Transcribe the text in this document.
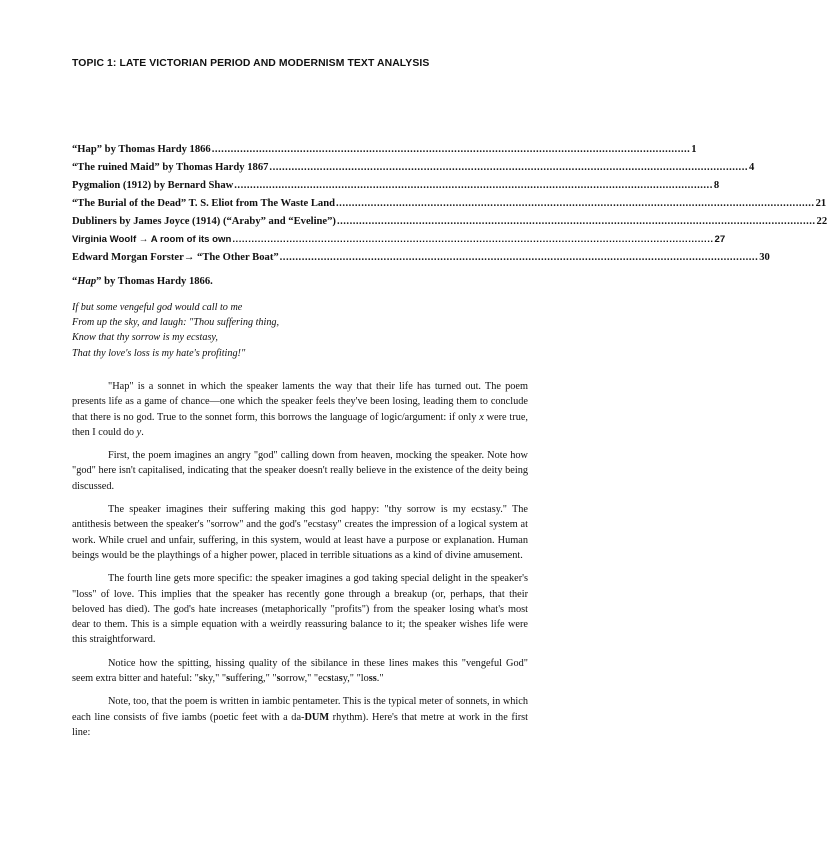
TOPIC 1: LATE VICTORIAN PERIOD AND MODERNISM TEXT ANALYSIS
“Hap” by Thomas Hardy 1866 ........................................................................................................................................................ 1
“The ruined Maid” by Thomas Hardy 1867 ........................................................................................................................................................ 4
Pygmalion (1912) by Bernard Shaw ........................................................................................................................................................ 8
“The Burial of the Dead” T. S. Eliot from The Waste Land ........................................................................................................................................................ 21
Dubliners by James Joyce (1914) (“Araby” and “Eveline”) ........................................................................................................................................................ 22
Virginia Woolf → A room of its own ........................................................................................................................................................ 27
Edward Morgan Forster→ “The Other Boat” ........................................................................................................................................................ 30
“Hap” by Thomas Hardy 1866.
If but some vengeful god would call to me
From up the sky, and laugh: "Thou suffering thing,
Know that thy sorrow is my ecstasy,
That thy love's loss is my hate's profiting!"

"Hap" is a sonnet in which the speaker laments the way that their life has turned out. The poem presents life as a game of chance—one which the speaker feels they've been losing, leading them to conclude that there is no god. True to the sonnet form, this borrows the language of logic/argument: if only x were true, then I could do y.

First, the poem imagines an angry "god" calling down from heaven, mocking the speaker. Note how "god" here isn't capitalised, indicating that the speaker doesn't really believe in the existence of the deity being discussed.

The speaker imagines their suffering making this god happy: "thy sorrow is my ecstasy." The antithesis between the speaker's "sorrow" and the god's "ecstasy" creates the impression of a logical system at work. While cruel and unfair, suffering, in this system, would at least have a purpose or explanation. Human beings would be the playthings of a higher power, placed in terrible situations as a kind of divine amusement.

The fourth line gets more specific: the speaker imagines a god taking special delight in the speaker's "loss" of love. This implies that the speaker has recently gone through a breakup (or, perhaps, that their beloved has died). The god's hate increases (metaphorically "profits") from the speaker losing what's most dear to them. This is a simple equation with a weirdly reassuring balance to it; the speaker wishes life were this straightforward.

Notice how the spitting, hissing quality of the sibilance in these lines makes this "vengeful God" seem extra bitter and hateful: "sky," "suffering," "sorrow," "ecstasy," "loss."

Note, too, that the poem is written in iambic pentameter. This is the typical meter of sonnets, in which each line consists of five iambs (poetic feet with a da-DUM rhythm). Here's that metre at work in the first line:
